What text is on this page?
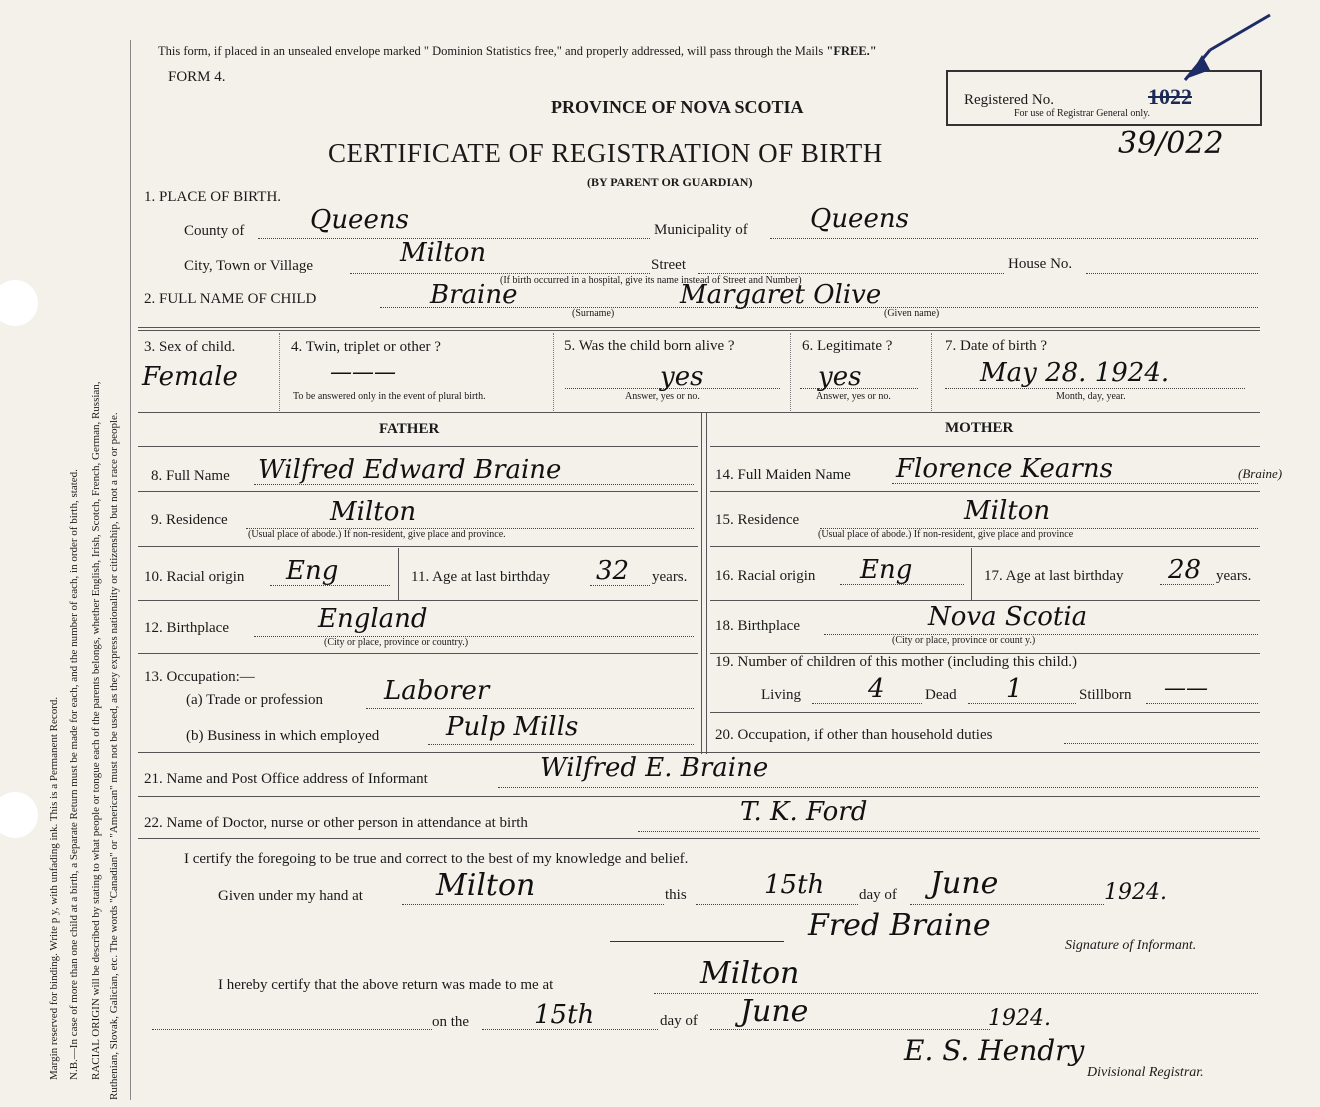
Margin reserved for binding. Write p y, with unfading ink. This is a Permanent Record. N.B.—In case of more than one child at a birth, a Separate Return must be made for each, and the number of each, in order of birth, stated. RACIAL ORIGIN will be described by stating to what people or tongue each of the parents belongs, whether English, Irish, Scotch, French, German, Russian, Ruthenian, Slovak, Galician, etc. The words "Canadian" or "American" must not be used, as they express nationality or citizenship, but not a race or people.
This form, if placed in an unsealed envelope marked " Dominion Statistics free," and properly addressed, will pass through the Mails "FREE."
FORM 4.
PROVINCE OF NOVA SCOTIA
CERTIFICATE OF REGISTRATION OF BIRTH
(BY PARENT OR GUARDIAN)
Registered No.	1022
For use of Registrar General only.
39/022
1. PLACE OF BIRTH.
County of	Queens	Municipality of Queens
City, Town or Village	Milton	Street	House No.
(If birth occurred in a hospital, give its name instead of Street and Number)
2. FULL NAME OF CHILD	Braine	Margaret Olive
(Surname)	(Given name)
3. Sex of child.
Female
4. Twin, triplet or other ?
———
To be answered only in the event of plural birth.
5. Was the child born alive ?
yes
Answer, yes or no.
6. Legitimate ?
yes
Answer, yes or no.
7. Date of birth ?
May 28. 1924.
Month, day, year.
FATHER
8. Full Name Wilfred Edward Braine
9. Residence	Milton
(Usual place of abode.) If non-resident, give place and province.
10. Racial origin Eng	11. Age at last birthday 32 years.
12. Birthplace	England
(City or place, province or country.)
13. Occupation:—
(a) Trade or profession Laborer
(b) Business in which employed	Pulp Mills
MOTHER
14. Full Maiden Name Florence Kearns	(Braine)
15. Residence	Milton
(Usual place of abode.) If non-resident, give place and province
16. Racial origin Eng	17. Age at last birthday 28 years.
18. Birthplace	Nova Scotia
(City or place, province or count y.)
19. Number of children of this mother (including this child.)
Living	4	Dead 1	Stillborn ——
20. Occupation, if other than household duties
21. Name and Post Office address of Informant	Wilfred E. Braine
22. Name of Doctor, nurse or other person in attendance at birth	T. K. Ford
I certify the foregoing to be true and correct to the best of my knowledge and belief.
Given under my hand at Milton	this	15th day of June	1924.
Fred Braine
Signature of Informant.
I hereby certify that the above return was made to me at	Milton
on the 15th	day of June	1924.
E. S. Hendry
Divisional Registrar.
